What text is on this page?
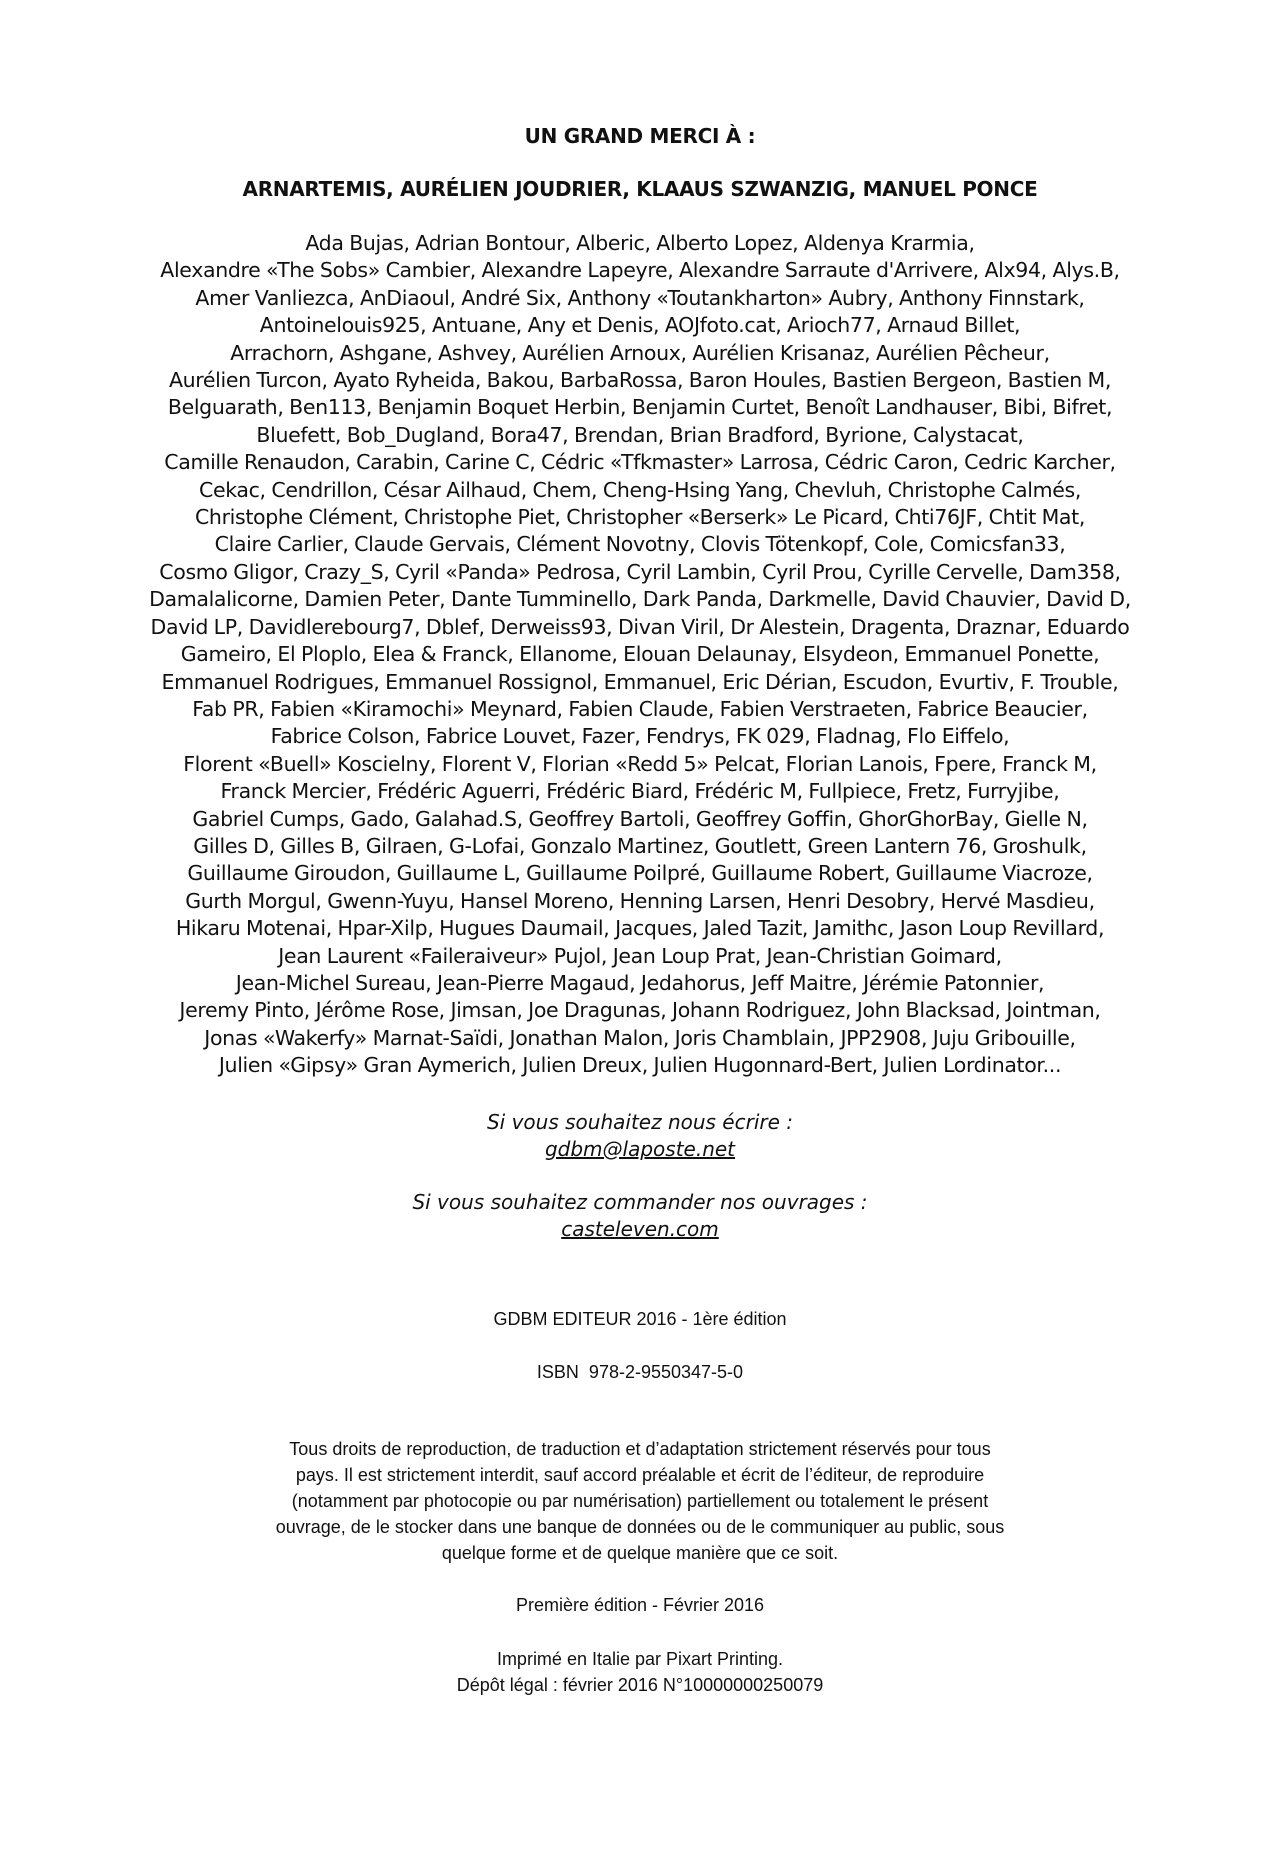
UN GRAND MERCI À :
ARNARTEMIS, AURÉLIEN JOUDRIER, KLAAUS SZWANZIG, MANUEL PONCE
Ada Bujas, Adrian Bontour, Alberic, Alberto Lopez, Aldenya Krarmia,
Alexandre «The Sobs» Cambier, Alexandre Lapeyre, Alexandre Sarraute d'Arrivere, Alx94, Alys.B,
Amer Vanliezca, AnDiaoul, André Six, Anthony «Toutankharton» Aubry, Anthony Finnstark,
Antoinelouis925, Antuane, Any et Denis, AOJfoto.cat, Arioch77, Arnaud Billet,
Arrachorn, Ashgane, Ashvey, Aurélien Arnoux, Aurélien Krisanaz, Aurélien Pêcheur,
Aurélien Turcon, Ayato Ryheida, Bakou, BarbaRossa, Baron Houles, Bastien Bergeon, Bastien M,
Belguarath, Ben113, Benjamin Boquet Herbin, Benjamin Curtet, Benoît Landhauser, Bibi, Bifret,
Bluefett, Bob_Dugland, Bora47, Brendan, Brian Bradford, Byrione, Calystacat,
Camille Renaudon, Carabin, Carine C, Cédric «Tfkmaster» Larrosa, Cédric Caron, Cedric Karcher,
Cekac, Cendrillon, César Ailhaud, Chem, Cheng-Hsing Yang, Chevluh, Christophe Calmés,
Christophe Clément, Christophe Piet, Christopher «Berserk» Le Picard, Chti76JF, Chtit Mat,
Claire Carlier, Claude Gervais, Clément Novotny, Clovis Tötenkopf, Cole, Comicsfan33,
Cosmo Gligor, Crazy_S, Cyril «Panda» Pedrosa, Cyril Lambin, Cyril Prou, Cyrille Cervelle, Dam358,
Damalalicorne, Damien Peter, Dante Tumminello, Dark Panda, Darkmelle, David Chauvier, David D,
David LP, Davidlerebourg7, Dblef, Derweiss93, Divan Viril, Dr Alestein, Dragenta, Draznar, Eduardo
Gameiro, El Ploplo, Elea & Franck, Ellanome, Elouan Delaunay, Elsydeon, Emmanuel Ponette,
Emmanuel Rodrigues, Emmanuel Rossignol, Emmanuel, Eric Dérian, Escudon, Evurtiv, F. Trouble,
Fab PR, Fabien «Kiramochi» Meynard, Fabien Claude, Fabien Verstraeten, Fabrice Beaucier,
Fabrice Colson, Fabrice Louvet, Fazer, Fendrys, FK 029, Fladnag, Flo Eiffelo,
Florent «Buell» Koscielny, Florent V, Florian «Redd 5» Pelcat, Florian Lanois, Fpere, Franck M,
Franck Mercier, Frédéric Aguerri, Frédéric Biard, Frédéric M, Fullpiece, Fretz, Furryjibe,
Gabriel Cumps, Gado, Galahad.S, Geoffrey Bartoli, Geoffrey Goffin, GhorGhorBay, Gielle N,
Gilles D, Gilles B, Gilraen, G-Lofai, Gonzalo Martinez, Goutlett, Green Lantern 76, Groshulk,
Guillaume Giroudon, Guillaume L, Guillaume Poilpré, Guillaume Robert, Guillaume Viacroze,
Gurth Morgul, Gwenn-Yuyu, Hansel Moreno, Henning Larsen, Henri Desobry, Hervé Masdieu,
Hikaru Motenai, Hpar-Xilp, Hugues Daumail, Jacques, Jaled Tazit, Jamithc, Jason Loup Revillard,
Jean Laurent «Faileraiveur» Pujol, Jean Loup Prat, Jean-Christian Goimard,
Jean-Michel Sureau, Jean-Pierre Magaud, Jedahorus, Jeff Maitre, Jérémie Patonnier,
Jeremy Pinto, Jérôme Rose, Jimsan, Joe Dragunas, Johann Rodriguez, John Blacksad, Jointman,
Jonas «Wakerfy» Marnat-Saïdi, Jonathan Malon, Joris Chamblain, JPP2908, Juju Gribouille,
Julien «Gipsy» Gran Aymerich, Julien Dreux, Julien Hugonnard-Bert, Julien Lordinator...
Si vous souhaitez nous écrire :
gdbm@laposte.net
Si vous souhaitez commander nos ouvrages :
casteleven.com
GDBM EDITEUR 2016 - 1ère édition
ISBN  978-2-9550347-5-0
Tous droits de reproduction, de traduction et d’adaptation strictement réservés pour tous
pays. Il est strictement interdit, sauf accord préalable et écrit de l’éditeur, de reproduire
(notamment par photocopie ou par numérisation) partiellement ou totalement le présent
ouvrage, de le stocker dans une banque de données ou de le communiquer au public, sous
quelque forme et de quelque manière que ce soit.
Première édition - Février 2016
Imprimé en Italie par Pixart Printing.
Dépôt légal : février 2016 N°10000000250079
